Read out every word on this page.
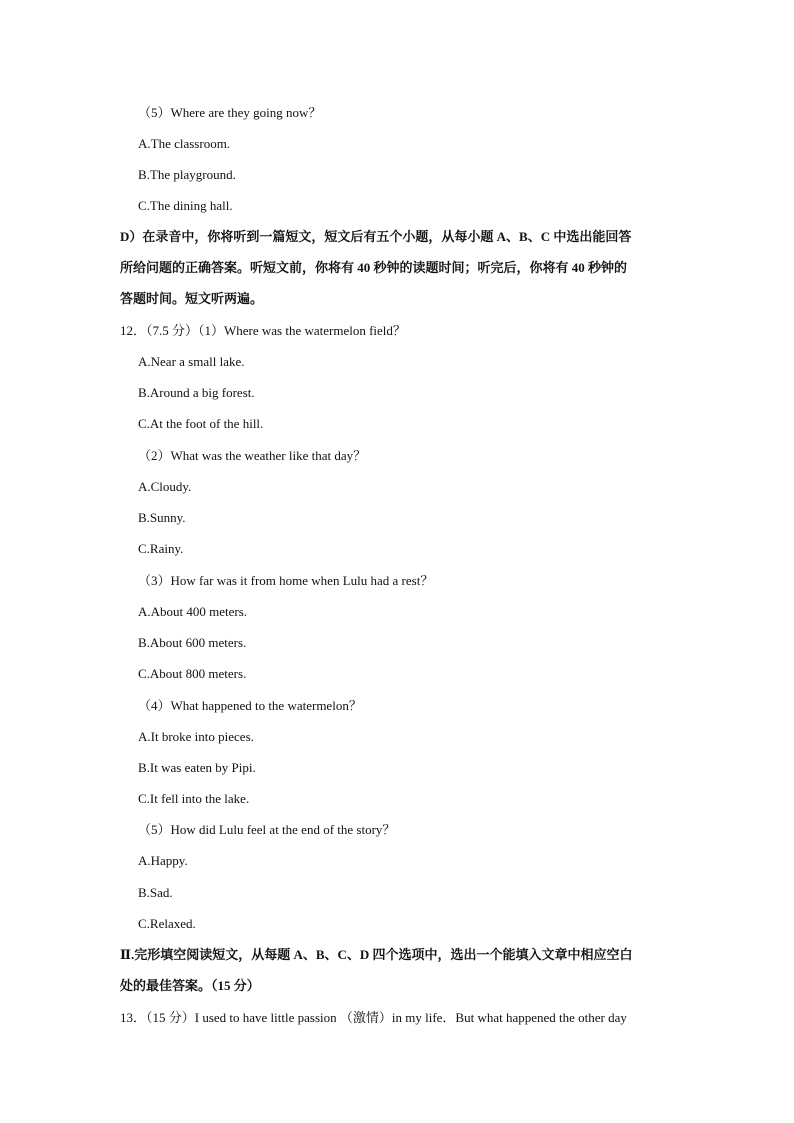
（5）Where are they going now？
A.The classroom.
B.The playground.
C.The dining hall.
D）在录音中，你将听到一篇短文，短文后有五个小题，从每小题 A、B、C 中选出能回答
所给问题的正确答案。听短文前，你将有 40 秒钟的读题时间；听完后，你将有 40 秒钟的
答题时间。短文听两遍。
12．（7.5 分）（1）Where was the watermelon field？
A.Near a small lake.
B.Around a big forest.
C.At the foot of the hill.
（2）What was the weather like that day？
A.Cloudy.
B.Sunny.
C.Rainy.
（3）How far was it from home when Lulu had a rest？
A.About 400 meters.
B.About 600 meters.
C.About 800 meters.
（4）What happened to the watermelon？
A.It broke into pieces.
B.It was eaten by Pipi.
C.It fell into the lake.
（5）How did Lulu feel at the end of the story？
A.Happy.
B.Sad.
C.Relaxed.
Ⅱ.完形填空阅读短文，从每题 A、B、C、D 四个选项中，选出一个能填入文章中相应空白
处的最佳答案。（15 分）
13．（15 分）I used to have little passion （激情）in my life．But what happened the other day
